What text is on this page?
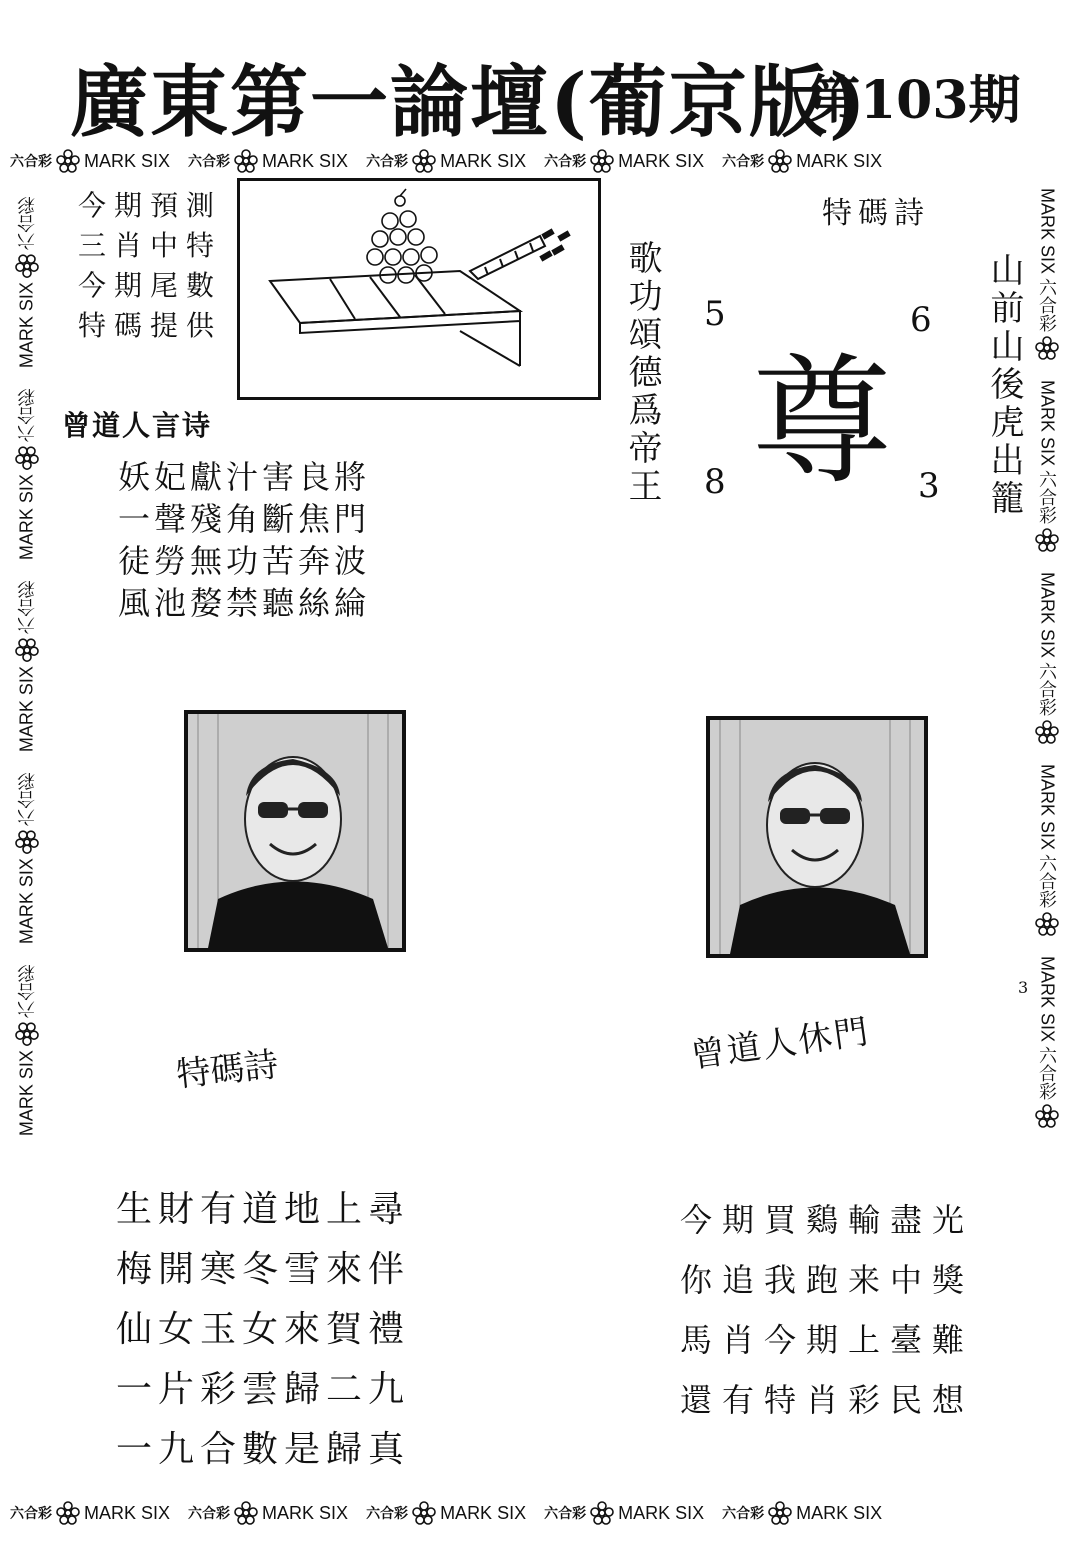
廣東第一論壇(葡京版)
第103期
六合彩 MARK SIX 六合彩 MARK SIX 六合彩 MARK SIX 六合彩 MARK SIX 六合彩 MARK SIX
六合彩 MARK SIX 六合彩 MARK SIX 六合彩 MARK SIX 六合彩 MARK SIX 六合彩 MARK SIX
MARK SIX
六合彩
MARK SIX
六合彩
MARK SIX
六合彩
MARK SIX
六合彩
MARK SIX
六合彩	MARK SIX
六合彩
MARK SIX
六合彩
MARK SIX
六合彩
MARK SIX
六合彩
MARK SIX
六合彩
今期預測
三肖中特
今期尾數
特碼提供
曾道人言诗
妖妃獻汁害良將
一聲殘角斷焦門
徒勞無功苦奔波
風池嫠禁聽絲綸
特碼詩
歌功頌德爲帝王	山前山後虎出籠
5	6
8	3
尊
特碼詩	曾道人休門
生財有道地上尋
梅開寒冬雪來伴
仙女玉女來賀禮
一片彩雲歸二九
一九合數是歸真
今期買鷄輸盡光
你追我跑来中獎
馬肖今期上臺難
還有特肖彩民想
3
